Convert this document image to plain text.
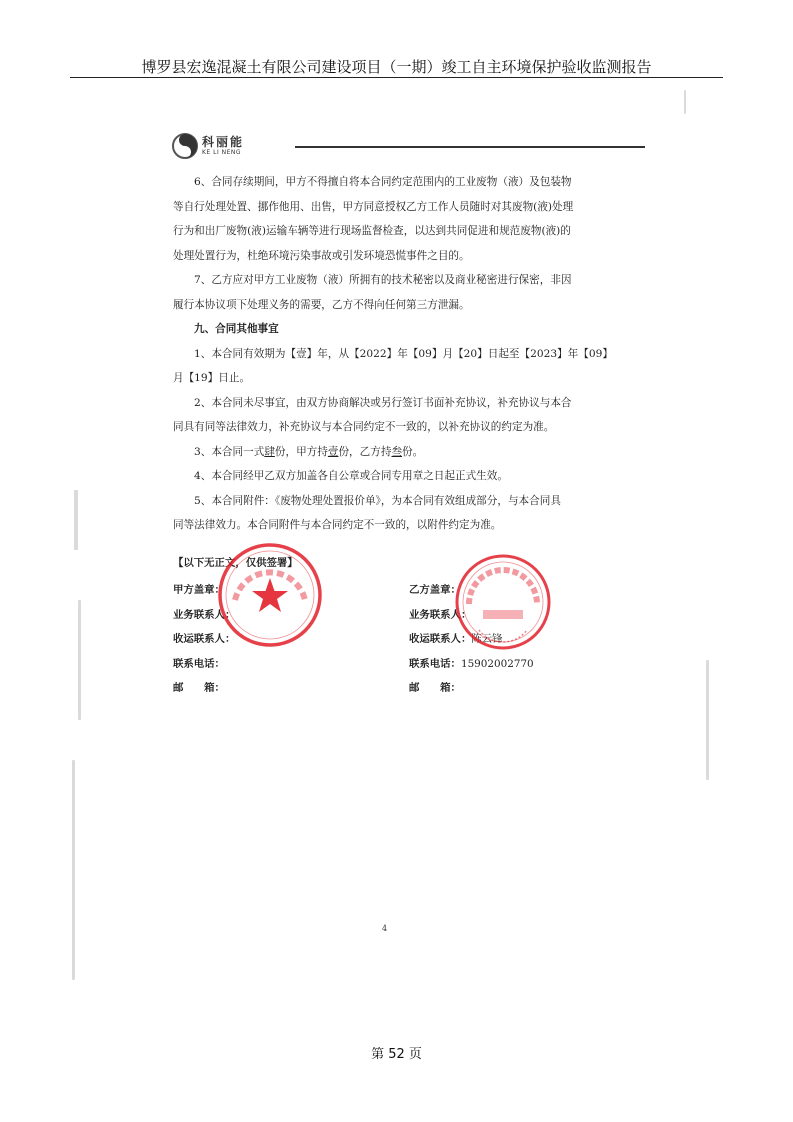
博罗县宏逸混凝土有限公司建设项目（一期）竣工自主环境保护验收监测报告
科丽能
KE LI NENG

6、合同存续期间，甲方不得擅自将本合同约定范围内的工业废物（液）及包装物

等自行处理处置、挪作他用、出售，甲方同意授权乙方工作人员随时对其废物(液)处理

行为和出厂废物(液)运输车辆等进行现场监督检查，以达到共同促进和规范废物(液)的

处理处置行为，杜绝环境污染事故或引发环境恐慌事件之目的。

7、乙方应对甲方工业废物（液）所拥有的技术秘密以及商业秘密进行保密，非因

履行本协议项下处理义务的需要，乙方不得向任何第三方泄漏。

九、合同其他事宜

1、本合同有效期为【壹】年，从【2022】年【09】月【20】日起至【2023】年【09】

月【19】日止。

2、本合同未尽事宜，由双方协商解决或另行签订书面补充协议，补充协议与本合

同具有同等法律效力，补充协议与本合同约定不一致的，以补充协议的约定为准。

3、本合同一式肆份，甲方持壹份，乙方持叁份。

4、本合同经甲乙双方加盖各自公章或合同专用章之日起正式生效。

5、本合同附件：《废物处理处置报价单》，为本合同有效组成部分，与本合同具

同等法律效力。本合同附件与本合同约定不一致的，以附件约定为准。

【以下无正文，仅供签署】
甲方盖章：
业务联系人：
收运联系人：
联系电话：
邮　　箱：
乙方盖章：
业务联系人：
收运联系人：陈云锋
联系电话：15902002770
邮　　箱：
4
第 52 页
